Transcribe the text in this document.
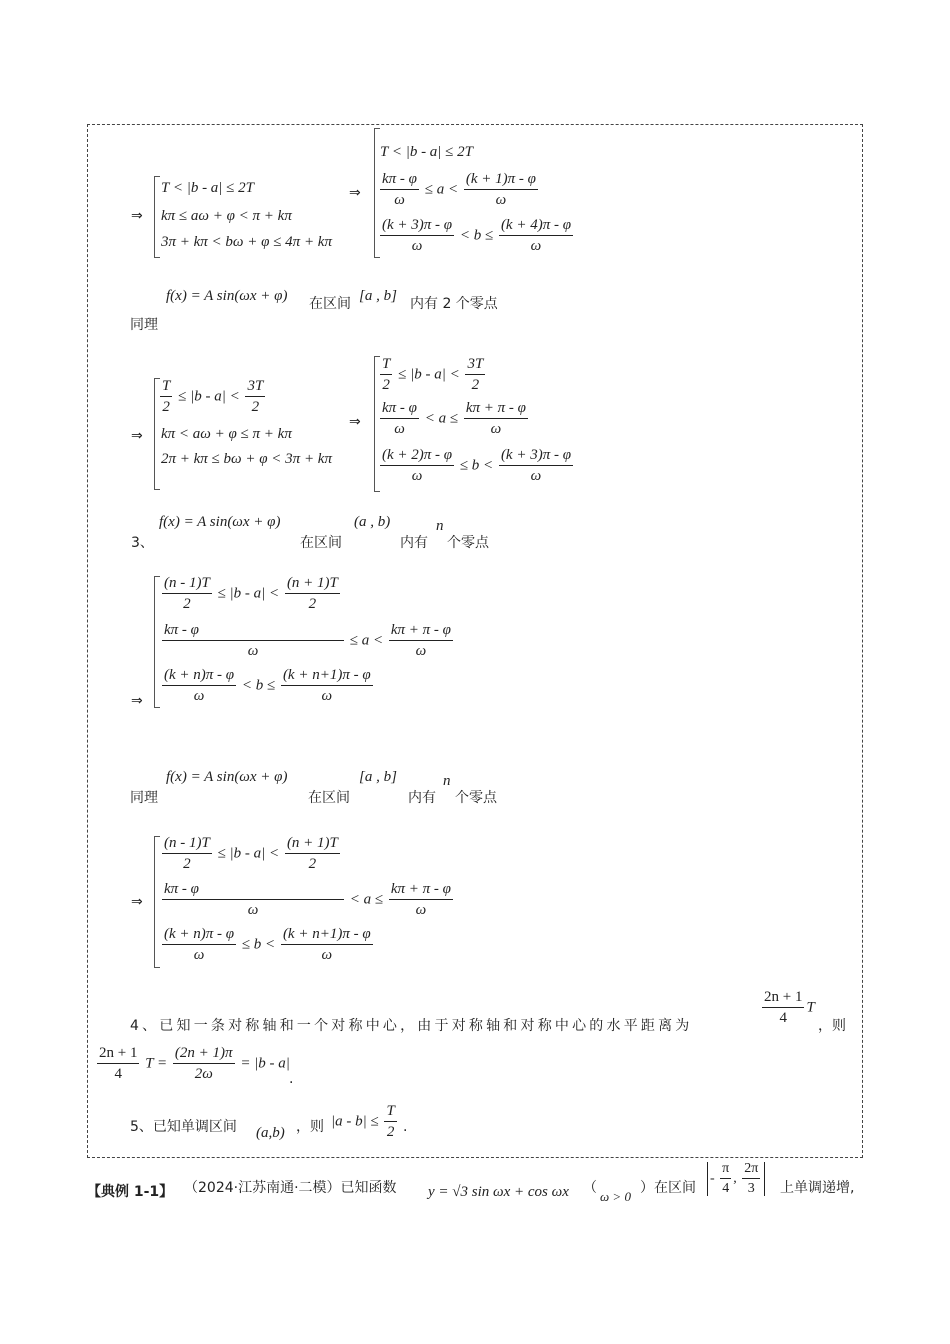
⇒
T < |b - a| ≤ 2T
kπ ≤ aω + φ < π + kπ
3π + kπ < bω + φ ≤ 4π + kπ
⇒
T < |b - a| ≤ 2T
$\frac{k\pi - \varphi}{\omega} \le a < \frac{(k + 1)\pi - \varphi}{\omega}$
$\frac{(k + 3)\pi - \varphi}{\omega} < b \le \frac{(k + 4)\pi - \varphi}{\omega}$
f(x) = A sin(ωx + φ) 在区间 [a , b] 内有 2 个零点
同理
⇒
$\frac{T}{2} \le |b - a| < \frac{3T}{2}$
kπ < aω + φ ≤ π + kπ
2π + kπ ≤ bω + φ < 3π + kπ
⇒
$\frac{T}{2} \le |b - a| < \frac{3T}{2}$
$\frac{k\pi - \varphi}{\omega} < a \le \frac{k\pi + \pi - \varphi}{\omega}$
$\frac{(k + 2)\pi - \varphi}{\omega} \le b < \frac{(k + 3)\pi - \varphi}{\omega}$
f(x) = A sin(ωx + φ)	(a , b)	n
3、	在区间	内有 个零点
⇒
$\frac{(n - 1)T}{2} \le |b - a| < \frac{(n + 1)T}{2}$
$\frac{k\pi - \varphi}{\omega} \le a < \frac{k\pi + \pi - \varphi}{\omega}$
$\frac{(k + n)\pi - \varphi}{\omega} < b \le \frac{(k + n+1)\pi - \varphi}{\omega}$
f(x) = A sin(ωx + φ)	[a , b]	n
同理	在区间	内有 个零点
⇒
$\frac{(n - 1)T}{2} \le |b - a| < \frac{(n + 1)T}{2}$
$\frac{k\pi - \varphi}{\omega} < a \le \frac{k\pi + \pi - \varphi}{\omega}$
$\frac{(k + n)\pi - \varphi}{\omega} \le b < \frac{(k + n+1)\pi - \varphi}{\omega}$
4、已知一条对称轴和一个对称中心，由于对称轴和对称中心的水平距离为	$\frac{2n + 1}{4}$ T
，则
$\frac{2n + 1}{4}$ $T = \frac{(2n + 1)\pi}{2\omega} = |b - a|$
.
5、已知单调区间 (a,b) ，则 $|a - b| \le \frac{T}{2}$ .
【典例 1-1】 （2024·江苏南通·二模）已知函数 y = √3 sin ωx + cos ωx （
ω > 0
）在区间
- $\frac{\pi}{4}$ , $\frac{2\pi}{3}$ 上单调递增,
